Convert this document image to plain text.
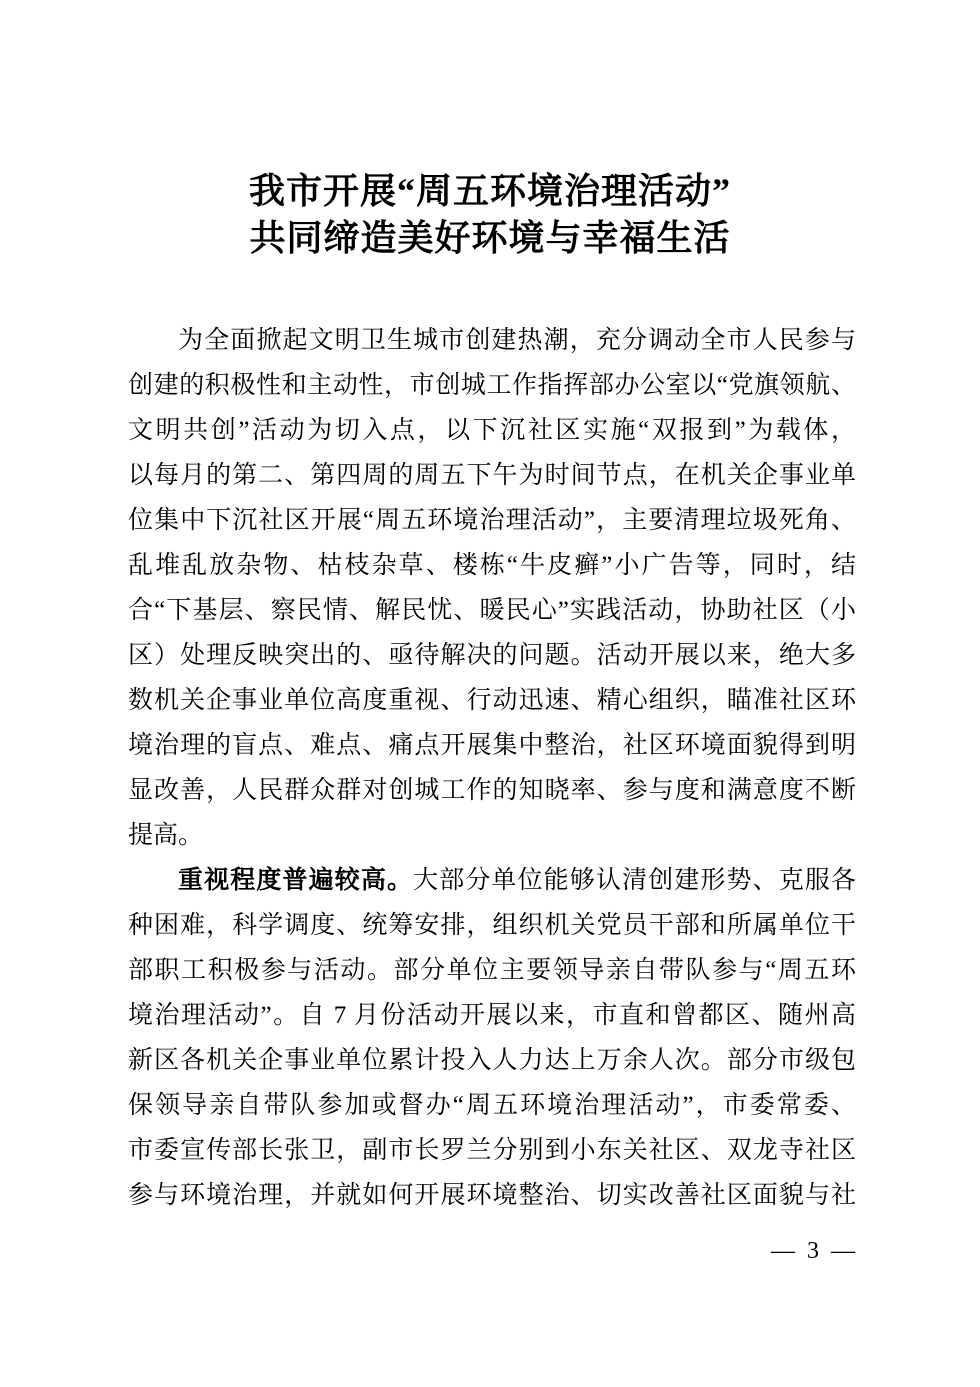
我市开展“周五环境治理活动”
共同缔造美好环境与幸福生活
为全面掀起文明卫生城市创建热潮，充分调动全市人民参与
创建的积极性和主动性，市创城工作指挥部办公室以“党旗领航、
文明共创”活动为切入点，以下沉社区实施“双报到”为载体，
以每月的第二、第四周的周五下午为时间节点，在机关企事业单
位集中下沉社区开展“周五环境治理活动”，主要清理垃圾死角、
乱堆乱放杂物、枯枝杂草、楼栋“牛皮癣”小广告等，同时，结
合“下基层、察民情、解民忧、暖民心”实践活动，协助社区（小
区）处理反映突出的、亟待解决的问题。活动开展以来，绝大多
数机关企事业单位高度重视、行动迅速、精心组织，瞄准社区环
境治理的盲点、难点、痛点开展集中整治，社区环境面貌得到明
显改善，人民群众群对创城工作的知晓率、参与度和满意度不断
提高。
重视程度普遍较高。大部分单位能够认清创建形势、克服各
种困难，科学调度、统筹安排，组织机关党员干部和所属单位干
部职工积极参与活动。部分单位主要领导亲自带队参与“周五环
境治理活动”。自 7 月份活动开展以来，市直和曾都区、随州高
新区各机关企事业单位累计投入人力达上万余人次。部分市级包
保领导亲自带队参加或督办“周五环境治理活动”，市委常委、
市委宣传部长张卫，副市长罗兰分别到小东关社区、双龙寺社区
参与环境治理，并就如何开展环境整治、切实改善社区面貌与社
— 3 —
